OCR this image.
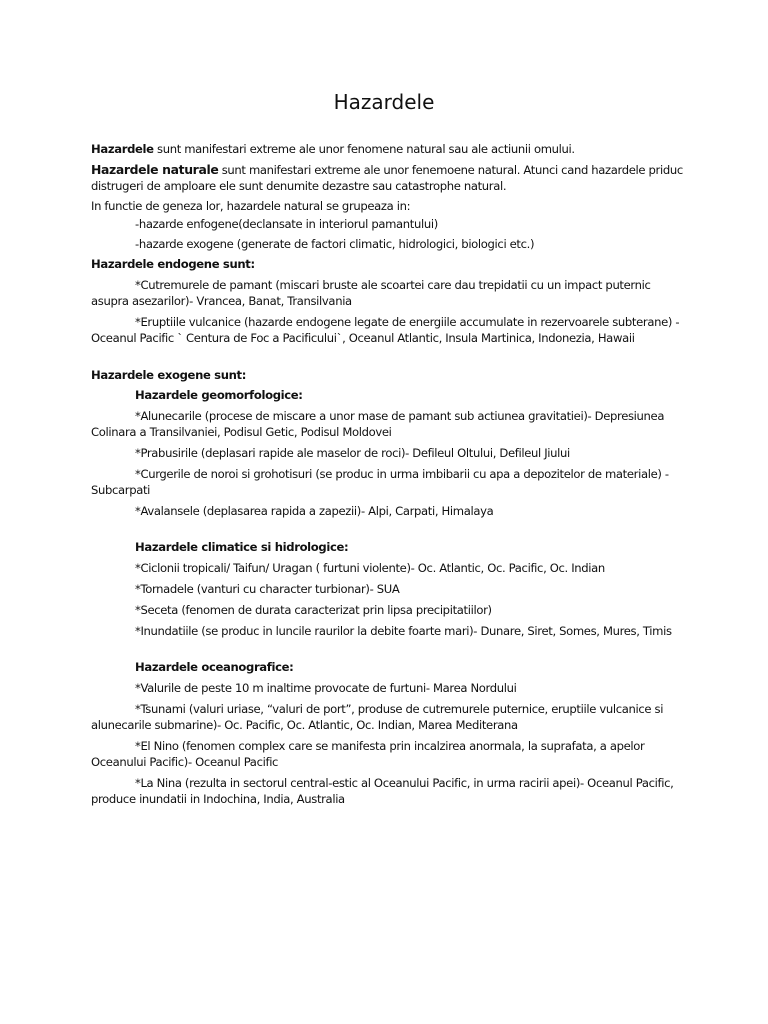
Hazardele

Hazardele sunt manifestari extreme ale unor fenomene natural sau ale actiunii omului.

Hazardele naturale sunt manifestari extreme ale unor fenemoene natural. Atunci cand hazardele priduc distrugeri de amploare ele sunt denumite dezastre sau catastrophe natural.

In functie de geneza lor, hazardele natural se grupeaza in:

-hazarde enfogene(declansate in interiorul pamantului)

-hazarde exogene (generate de factori climatic, hidrologici, biologici etc.)

Hazardele endogene sunt:

*Cutremurele de pamant (miscari bruste ale scoartei care dau trepidatii cu un impact puternic asupra asezarilor)- Vrancea, Banat, Transilvania

*Eruptiile vulcanice (hazarde endogene legate de energiile accumulate in rezervoarele subterane) - Oceanul Pacific ` Centura de Foc a Pacificului`, Oceanul Atlantic, Insula Martinica, Indonezia, Hawaii

Hazardele exogene sunt:

Hazardele geomorfologice:

*Alunecarile (procese de miscare a unor mase de pamant sub actiunea gravitatiei)- Depresiunea Colinara a Transilvaniei, Podisul Getic, Podisul Moldovei

*Prabusirile (deplasari rapide ale maselor de roci)- Defileul Oltului, Defileul Jiului

*Curgerile de noroi si grohotisuri (se produc in urma imbibarii cu apa a depozitelor de materiale) -Subcarpati

*Avalansele (deplasarea rapida a zapezii)- Alpi, Carpati, Himalaya

Hazardele climatice si hidrologice:

*Ciclonii tropicali/ Taifun/ Uragan ( furtuni violente)- Oc. Atlantic, Oc. Pacific, Oc. Indian

*Tornadele (vanturi cu character turbionar)- SUA

*Seceta (fenomen de durata caracterizat prin lipsa precipitatiilor)

*Inundatiile (se produc in luncile raurilor la debite foarte mari)- Dunare, Siret, Somes, Mures, Timis

Hazardele oceanografice:

*Valurile de peste 10 m inaltime provocate de furtuni- Marea Nordului

*Tsunami (valuri uriase, “valuri de port”, produse de cutremurele puternice, eruptiile vulcanice si alunecarile submarine)- Oc. Pacific, Oc. Atlantic, Oc. Indian, Marea Mediterana

*El Nino (fenomen complex care se manifesta prin incalzirea anormala, la suprafata, a apelor Oceanului Pacific)- Oceanul Pacific

*La Nina (rezulta in sectorul central-estic al Oceanului Pacific, in urma racirii apei)- Oceanul Pacific, produce inundatii in Indochina, India, Australia
